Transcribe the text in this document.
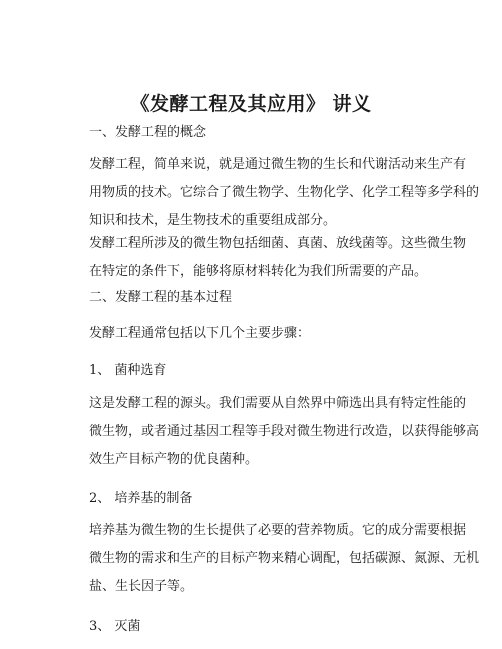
《发酵工程及其应用》 讲义
一、发酵工程的概念
发酵工程，简单来说，就是通过微生物的生长和代谢活动来生产有
用物质的技术。它综合了微生物学、生物化学、化学工程等多学科的
知识和技术，是生物技术的重要组成部分。
发酵工程所涉及的微生物包括细菌、真菌、放线菌等。这些微生物
在特定的条件下，能够将原材料转化为我们所需要的产品。
二、发酵工程的基本过程
发酵工程通常包括以下几个主要步骤：
1、 菌种选育
这是发酵工程的源头。我们需要从自然界中筛选出具有特定性能的
微生物，或者通过基因工程等手段对微生物进行改造，以获得能够高
效生产目标产物的优良菌种。
2、 培养基的制备
培养基为微生物的生长提供了必要的营养物质。它的成分需要根据
微生物的需求和生产的目标产物来精心调配，包括碳源、氮源、无机
盐、生长因子等。
3、 灭菌
